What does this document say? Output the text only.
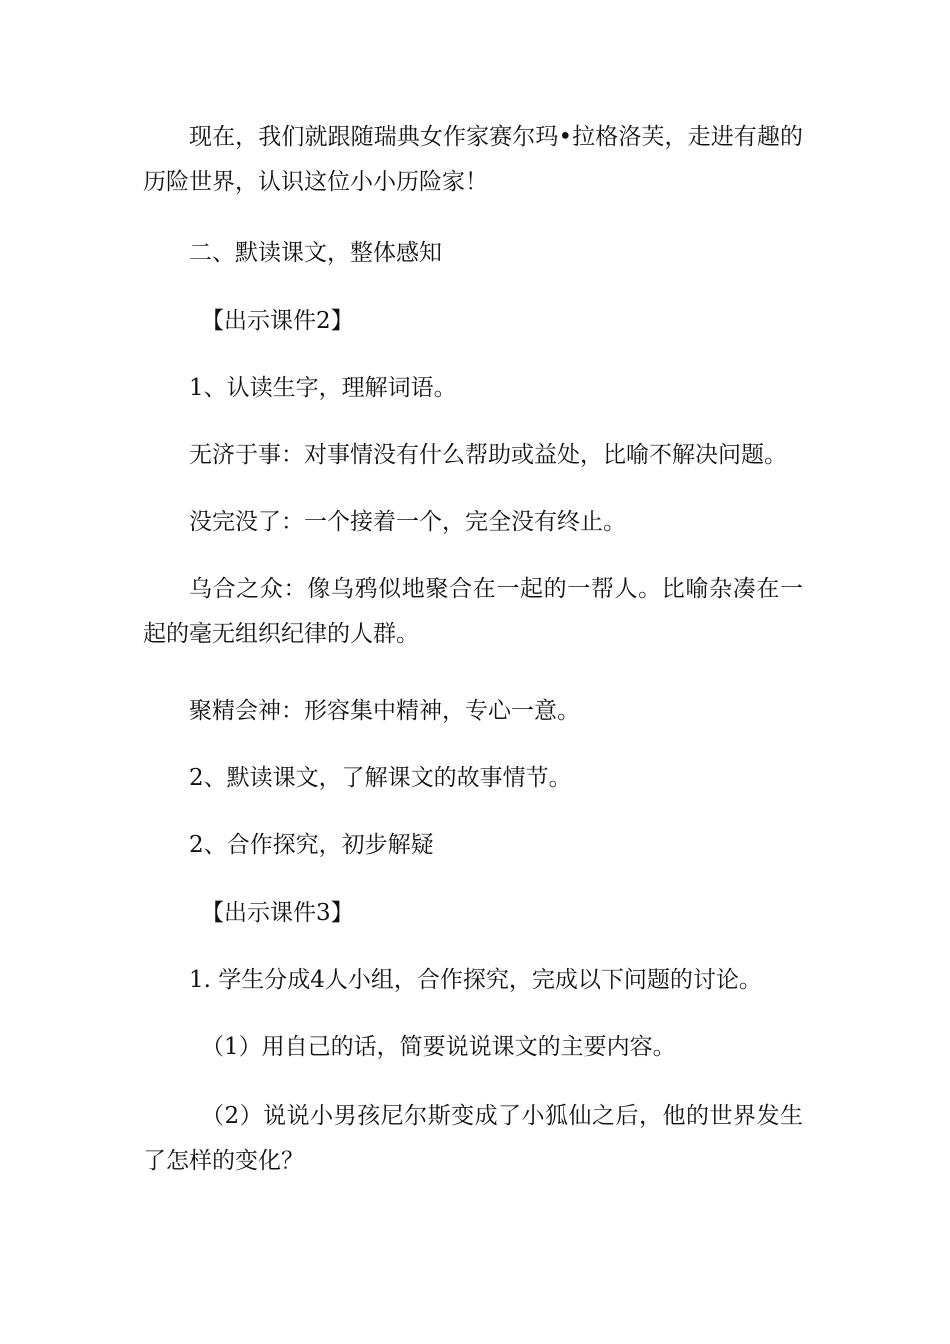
现在，我们就跟随瑞典女作家赛尔玛•拉格洛芙，走进有趣的历险世界，认识这位小小历险家！

二、默读课文，整体感知

【出示课件2】

1、认读生字，理解词语。

无济于事：对事情没有什么帮助或益处，比喻不解决问题。

没完没了：一个接着一个，完全没有终止。

乌合之众：像乌鸦似地聚合在一起的一帮人。比喻杂凑在一起的毫无组织纪律的人群。

聚精会神：形容集中精神，专心一意。

2、默读课文，了解课文的故事情节。

2、合作探究，初步解疑

【出示课件3】

1. 学生分成4人小组，合作探究，完成以下问题的讨论。

（1）用自己的话，简要说说课文的主要内容。

（2）说说小男孩尼尔斯变成了小狐仙之后，他的世界发生了怎样的变化？
